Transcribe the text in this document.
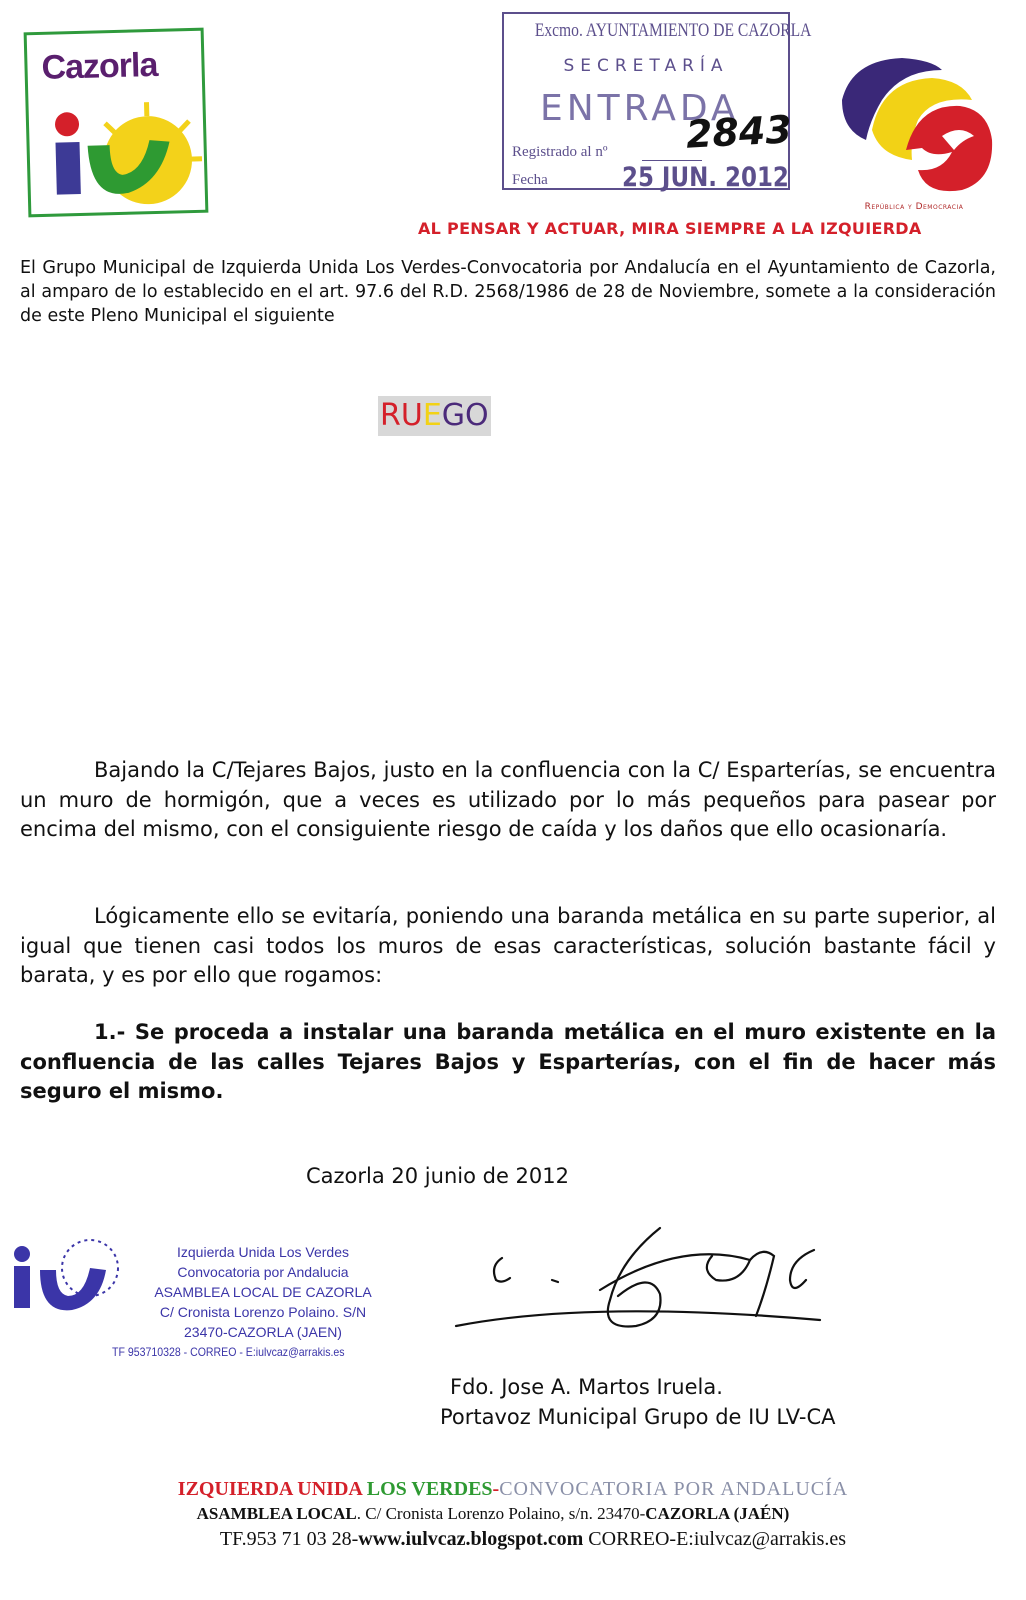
Cazorla
Excmo. AYUNTAMIENTO DE CAZORLA
SECRETARÍA
ENTRADA
Registrado al nº 2843
Fecha	25 JUN. 2012
República y Democracia
AL PENSAR Y ACTUAR, MIRA SIEMPRE A LA IZQUIERDA

El Grupo Municipal de Izquierda Unida Los Verdes-Convocatoria por Andalucía en el Ayuntamiento de Cazorla, al amparo de lo establecido en el art. 97.6 del R.D. 2568/1986 de 28 de Noviembre, somete a la consideración de este Pleno Municipal el siguiente

RUEGO

Bajando la C/Tejares Bajos, justo en la confluencia con la C/ Esparterías, se encuentra un muro de hormigón, que a veces es utilizado por lo más pequeños para pasear por encima del mismo, con el consiguiente riesgo de caída y los daños que ello ocasionaría.

Lógicamente ello se evitaría, poniendo una baranda metálica en su parte superior, al igual que tienen casi todos los muros de esas características, solución bastante fácil y barata, y es por ello que rogamos:

1.- Se proceda a instalar una baranda metálica en el muro existente en la confluencia de las calles Tejares Bajos y Esparterías, con el fin de hacer más seguro el mismo.

Cazorla 20 junio de 2012
Izquierda Unida Los Verdes
Convocatoria por Andalucia
ASAMBLEA LOCAL DE CAZORLA
C/ Cronista Lorenzo Polaino. S/N
23470-CAZORLA (JAEN)
TF 953710328 - CORREO - E:iulvcaz@arrakis.es
Fdo. Jose A. Martos Iruela.
Portavoz Municipal Grupo de IU LV-CA
IZQUIERDA UNIDA LOS VERDES-CONVOCATORIA POR ANDALUCÍA
ASAMBLEA LOCAL. C/ Cronista Lorenzo Polaino, s/n. 23470-CAZORLA (JAÉN)
TF.953 71 03 28-www.iulvcaz.blogspot.com CORREO-E:iulvcaz@arrakis.es
